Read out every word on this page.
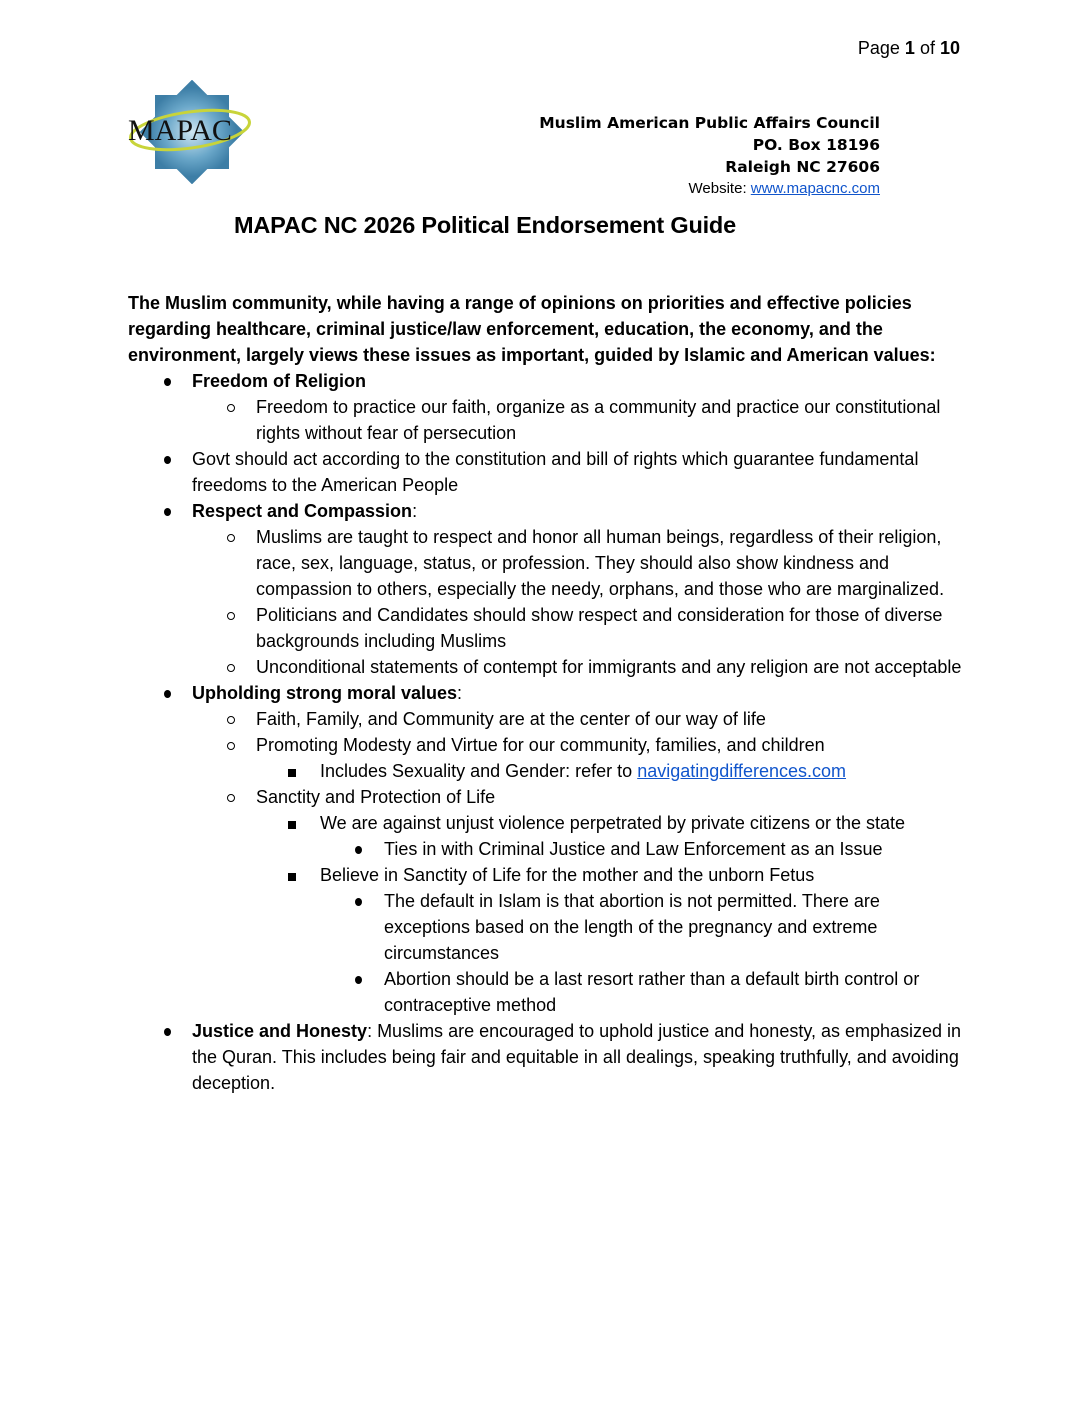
Page 1 of 10
MAPAC	Muslim American Public Affairs Council
PO. Box 18196
Raleigh NC 27606
Website: www.mapacnc.com
MAPAC NC 2026 Political Endorsement Guide

The Muslim community, while having a range of opinions on priorities and effective policies regarding healthcare, criminal justice/law enforcement, education, the economy, and the environment, largely views these issues as important, guided by Islamic and American values:

Freedom of Religion
Freedom to practice our faith, organize as a community and practice our constitutional rights without fear of persecution
Govt should act according to the constitution and bill of rights which guarantee fundamental freedoms to the American People
Respect and Compassion:
Muslims are taught to respect and honor all human beings, regardless of their religion, race, sex, language, status, or profession. They should also show kindness and compassion to others, especially the needy, orphans, and those who are marginalized.
Politicians and Candidates should show respect and consideration for those of diverse backgrounds including Muslims
Unconditional statements of contempt for immigrants and any religion are not acceptable
Upholding strong moral values:
Faith, Family, and Community are at the center of our way of life
Promoting Modesty and Virtue for our community, families, and children
Includes Sexuality and Gender: refer to navigatingdifferences.com
Sanctity and Protection of Life
We are against unjust violence perpetrated by private citizens or the state
Ties in with Criminal Justice and Law Enforcement as an Issue
Believe in Sanctity of Life for the mother and the unborn Fetus
The default in Islam is that abortion is not permitted. There are exceptions based on the length of the pregnancy and extreme circumstances
Abortion should be a last resort rather than a default birth control or contraceptive method
Justice and Honesty: Muslims are encouraged to uphold justice and honesty, as emphasized in the Quran. This includes being fair and equitable in all dealings, speaking truthfully, and avoiding deception.
